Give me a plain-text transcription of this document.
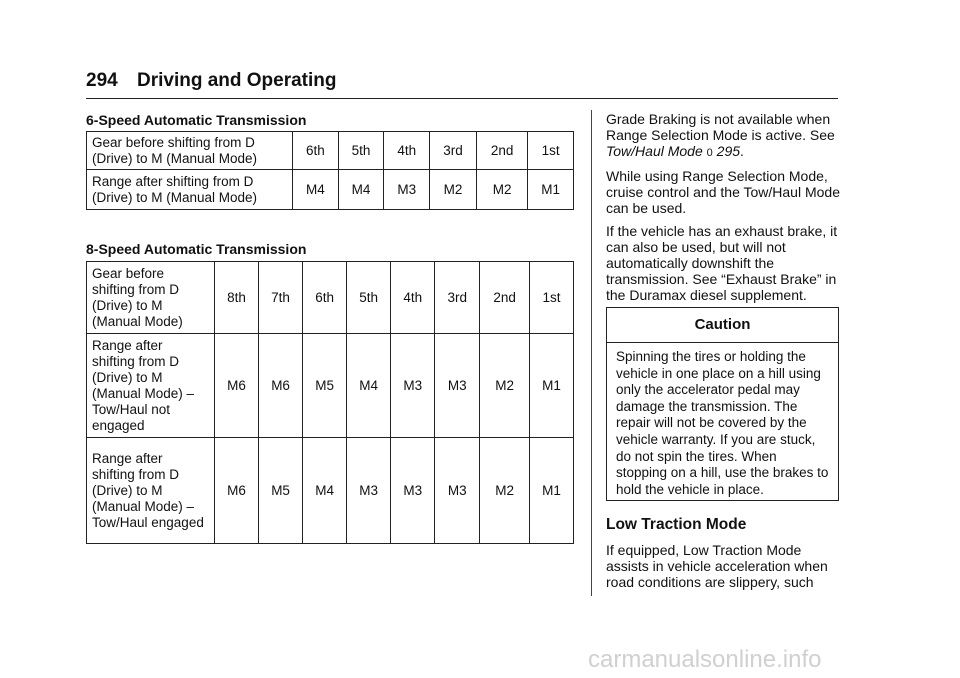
294 Driving and Operating
6-Speed Automatic Transmission
Gear before shifting from D (Drive) to M (Manual Mode)	6th	5th	4th	3rd	2nd	1st
Range after shifting from D (Drive) to M (Manual Mode)	M4	M4	M3	M2	M2	M1
8-Speed Automatic Transmission
Gear before shifting from D (Drive) to M (Manual Mode)	8th	7th	6th	5th	4th	3rd	2nd	1st
Range after shifting from D (Drive) to M (Manual Mode) – Tow/Haul not engaged	M6	M6	M5	M4	M3	M3	M2	M1
Range after shifting from D (Drive) to M (Manual Mode) – Tow/Haul engaged	M6	M5	M4	M3	M3	M3	M2	M1

Grade Braking is not available when Range Selection Mode is active. See Tow/Haul Mode 0 295.

While using Range Selection Mode, cruise control and the Tow/Haul Mode can be used.

If the vehicle has an exhaust brake, it can also be used, but will not automatically downshift the transmission. See “Exhaust Brake” in the Duramax diesel supplement.

Caution
Spinning the tires or holding the vehicle in one place on a hill using only the accelerator pedal may damage the transmission. The repair will not be covered by the vehicle warranty. If you are stuck, do not spin the tires. When stopping on a hill, use the brakes to hold the vehicle in place.
Low Traction Mode
If equipped, Low Traction Mode assists in vehicle acceleration when road conditions are slippery, such
carmanualsonline.info
